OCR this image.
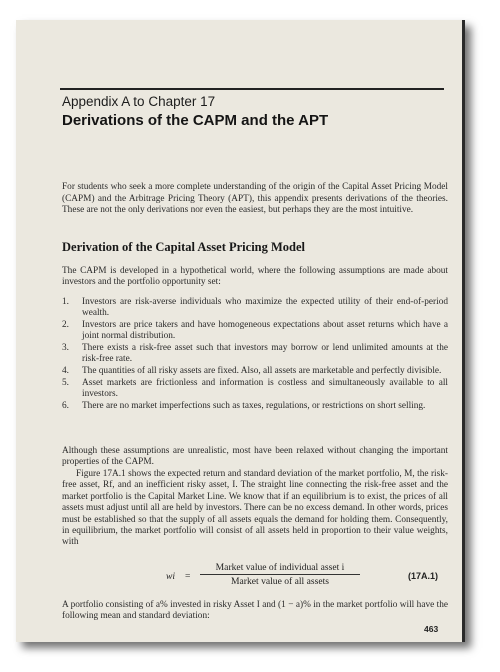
Appendix A to Chapter 17
Derivations of the CAPM and the APT

For students who seek a more complete understanding of the origin of the Capital Asset Pricing Model (CAPM) and the Arbitrage Pricing Theory (APT), this appendix presents derivations of the theories. These are not the only derivations nor even the easiest, but perhaps they are the most intuitive.

Derivation of the Capital Asset Pricing Model

The CAPM is developed in a hypothetical world, where the following assumptions are made about investors and the portfolio opportunity set:

1. Investors are risk-averse individuals who maximize the expected utility of their end-of-period wealth.
2. Investors are price takers and have homogeneous expectations about asset returns which have a joint normal distribution.
3. There exists a risk-free asset such that investors may borrow or lend unlimited amounts at the risk-free rate.
4. The quantities of all risky assets are fixed. Also, all assets are marketable and perfectly divisible.
5. Asset markets are frictionless and information is costless and simultaneously available to all investors.
6. There are no market imperfections such as taxes, regulations, or restrictions on short selling.

Although these assumptions are unrealistic, most have been relaxed without changing the important properties of the CAPM.

Figure 17A.1 shows the expected return and standard deviation of the market portfolio, M, the risk-free asset, Rf, and an inefficient risky asset, I. The straight line connecting the risk-free asset and the market portfolio is the Capital Market Line. We know that if an equilibrium is to exist, the prices of all assets must adjust until all are held by investors. There can be no excess demand. In other words, prices must be established so that the supply of all assets equals the demand for holding them. Consequently, in equilibrium, the market portfolio will consist of all assets held in proportion to their value weights, with

wi =
Market value of individual asset i
Market value of all assets	(17A.1)

A portfolio consisting of a% invested in risky Asset I and (1 − a)% in the market portfolio will have the following mean and standard deviation:

463
